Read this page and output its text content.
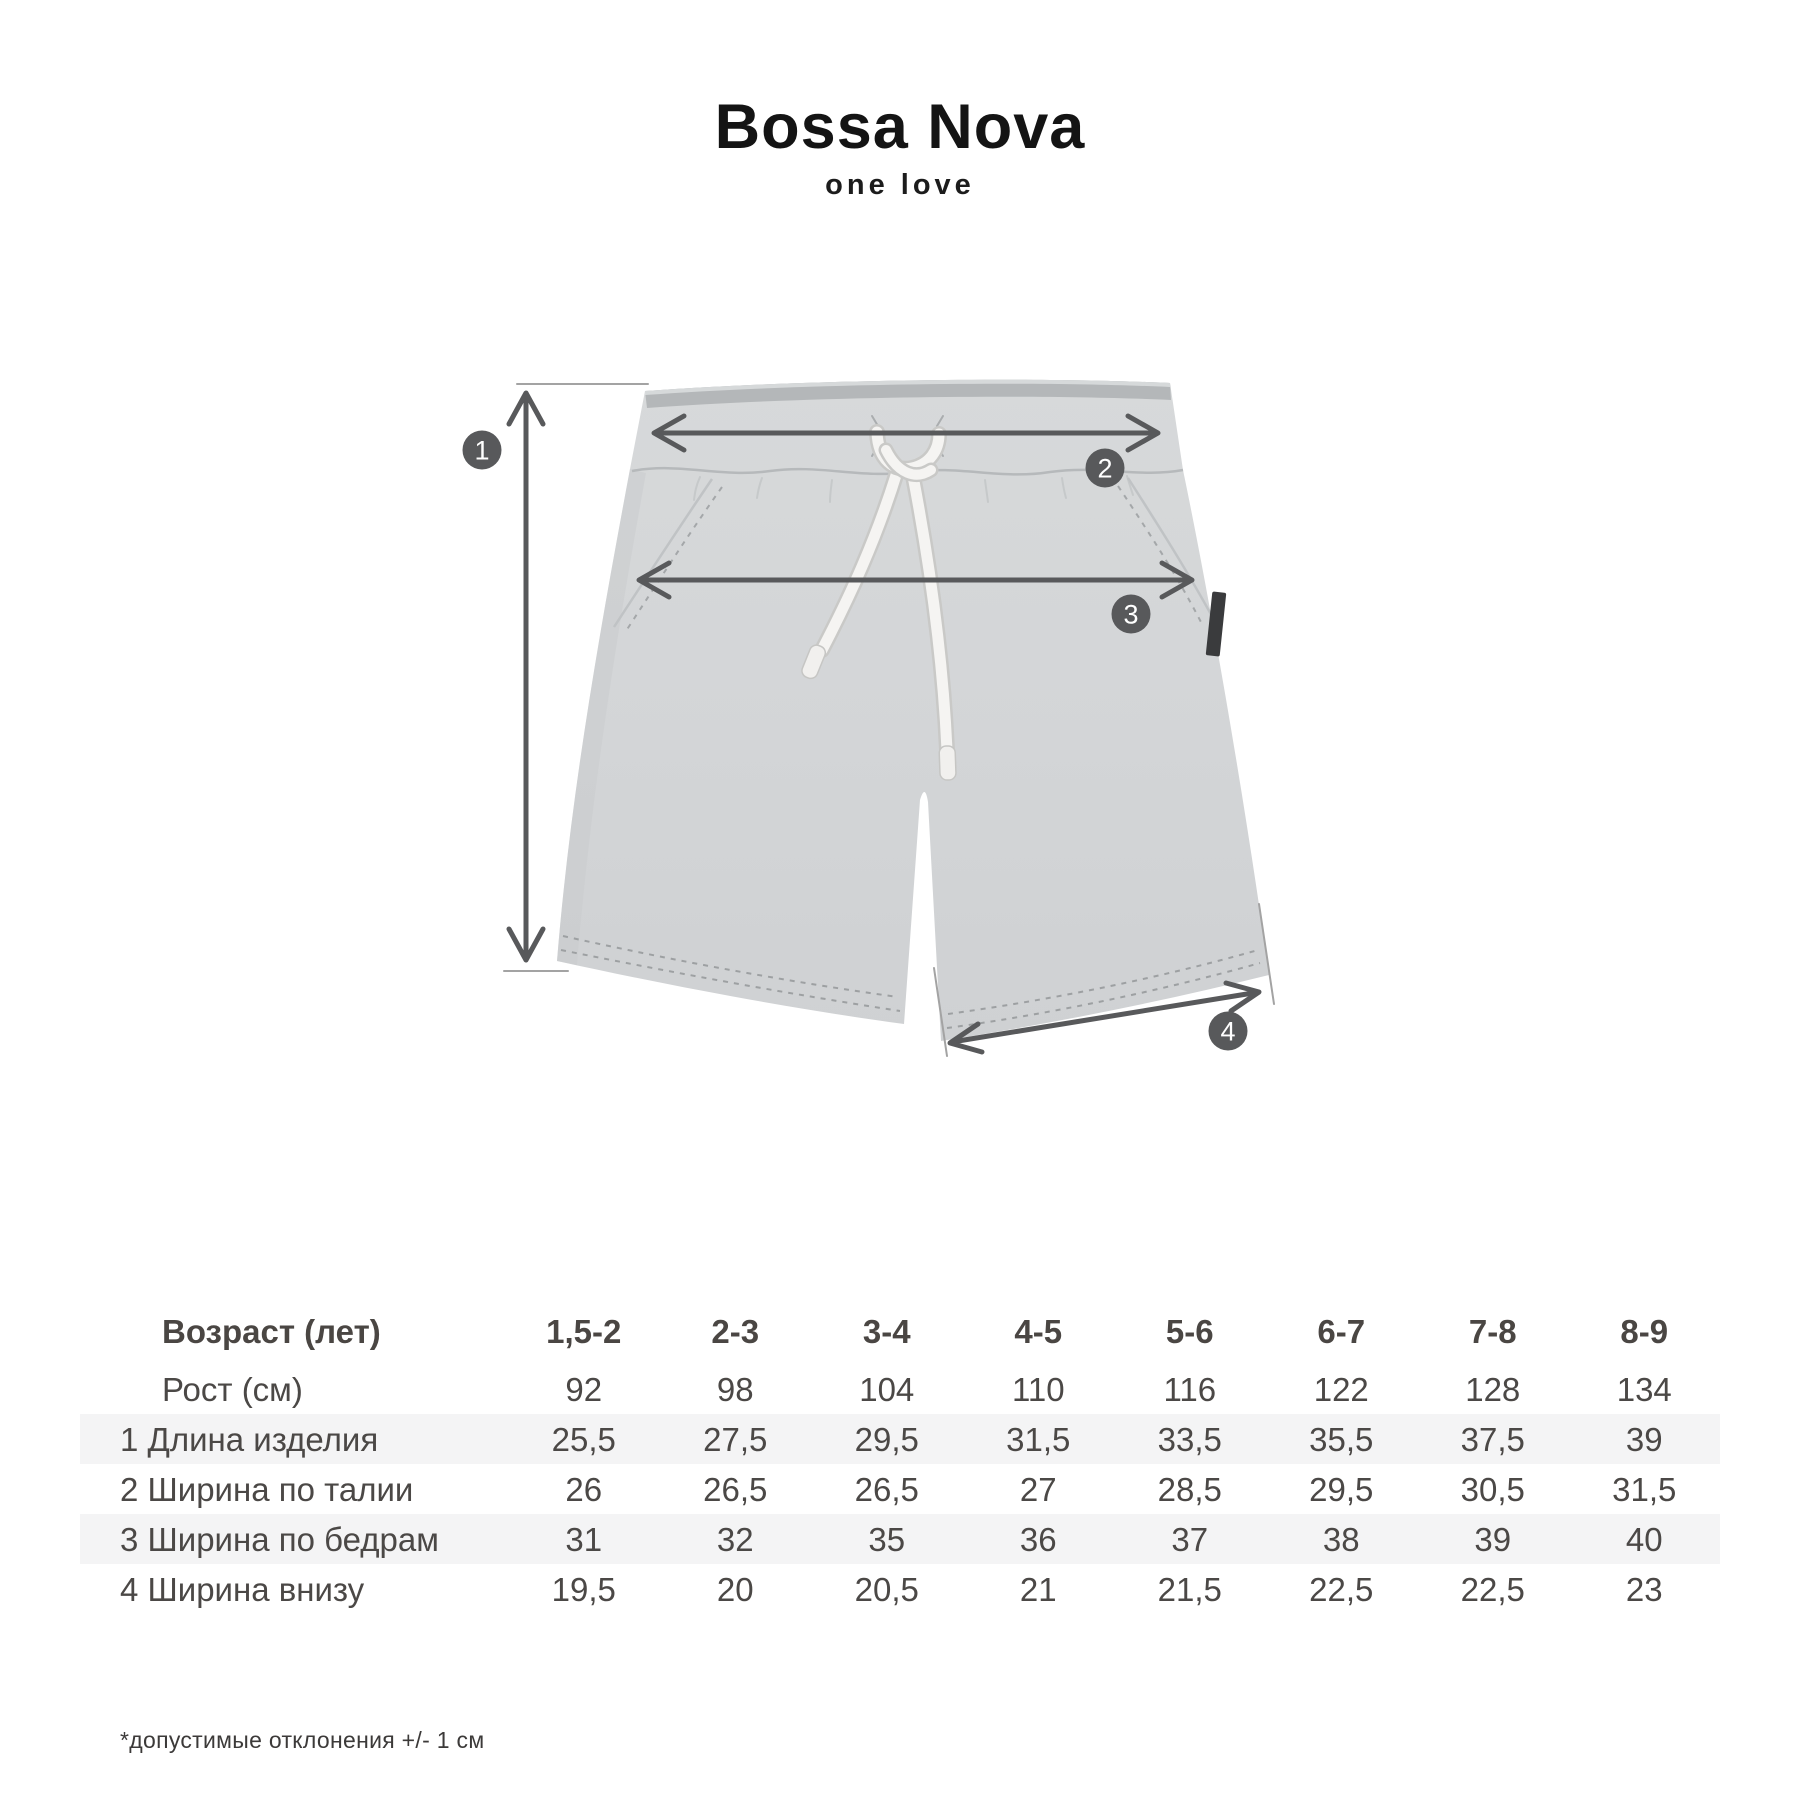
Bossa Nova
one love
1
2
3
4
Возраст (лет)	1,5-2	2-3	3-4	4-5	5-6	6-7	7-8	8-9
Рост (см)	92	98	104	110	116	122	128	134
1 Длина изделия	25,5	27,5	29,5	31,5	33,5	35,5	37,5	39
2 Ширина по талии	26	26,5	26,5	27	28,5	29,5	30,5	31,5
3 Ширина по бедрам	31	32	35	36	37	38	39	40
4 Ширина внизу	19,5	20	20,5	21	21,5	22,5	22,5	23
*допустимые отклонения +/- 1 см
